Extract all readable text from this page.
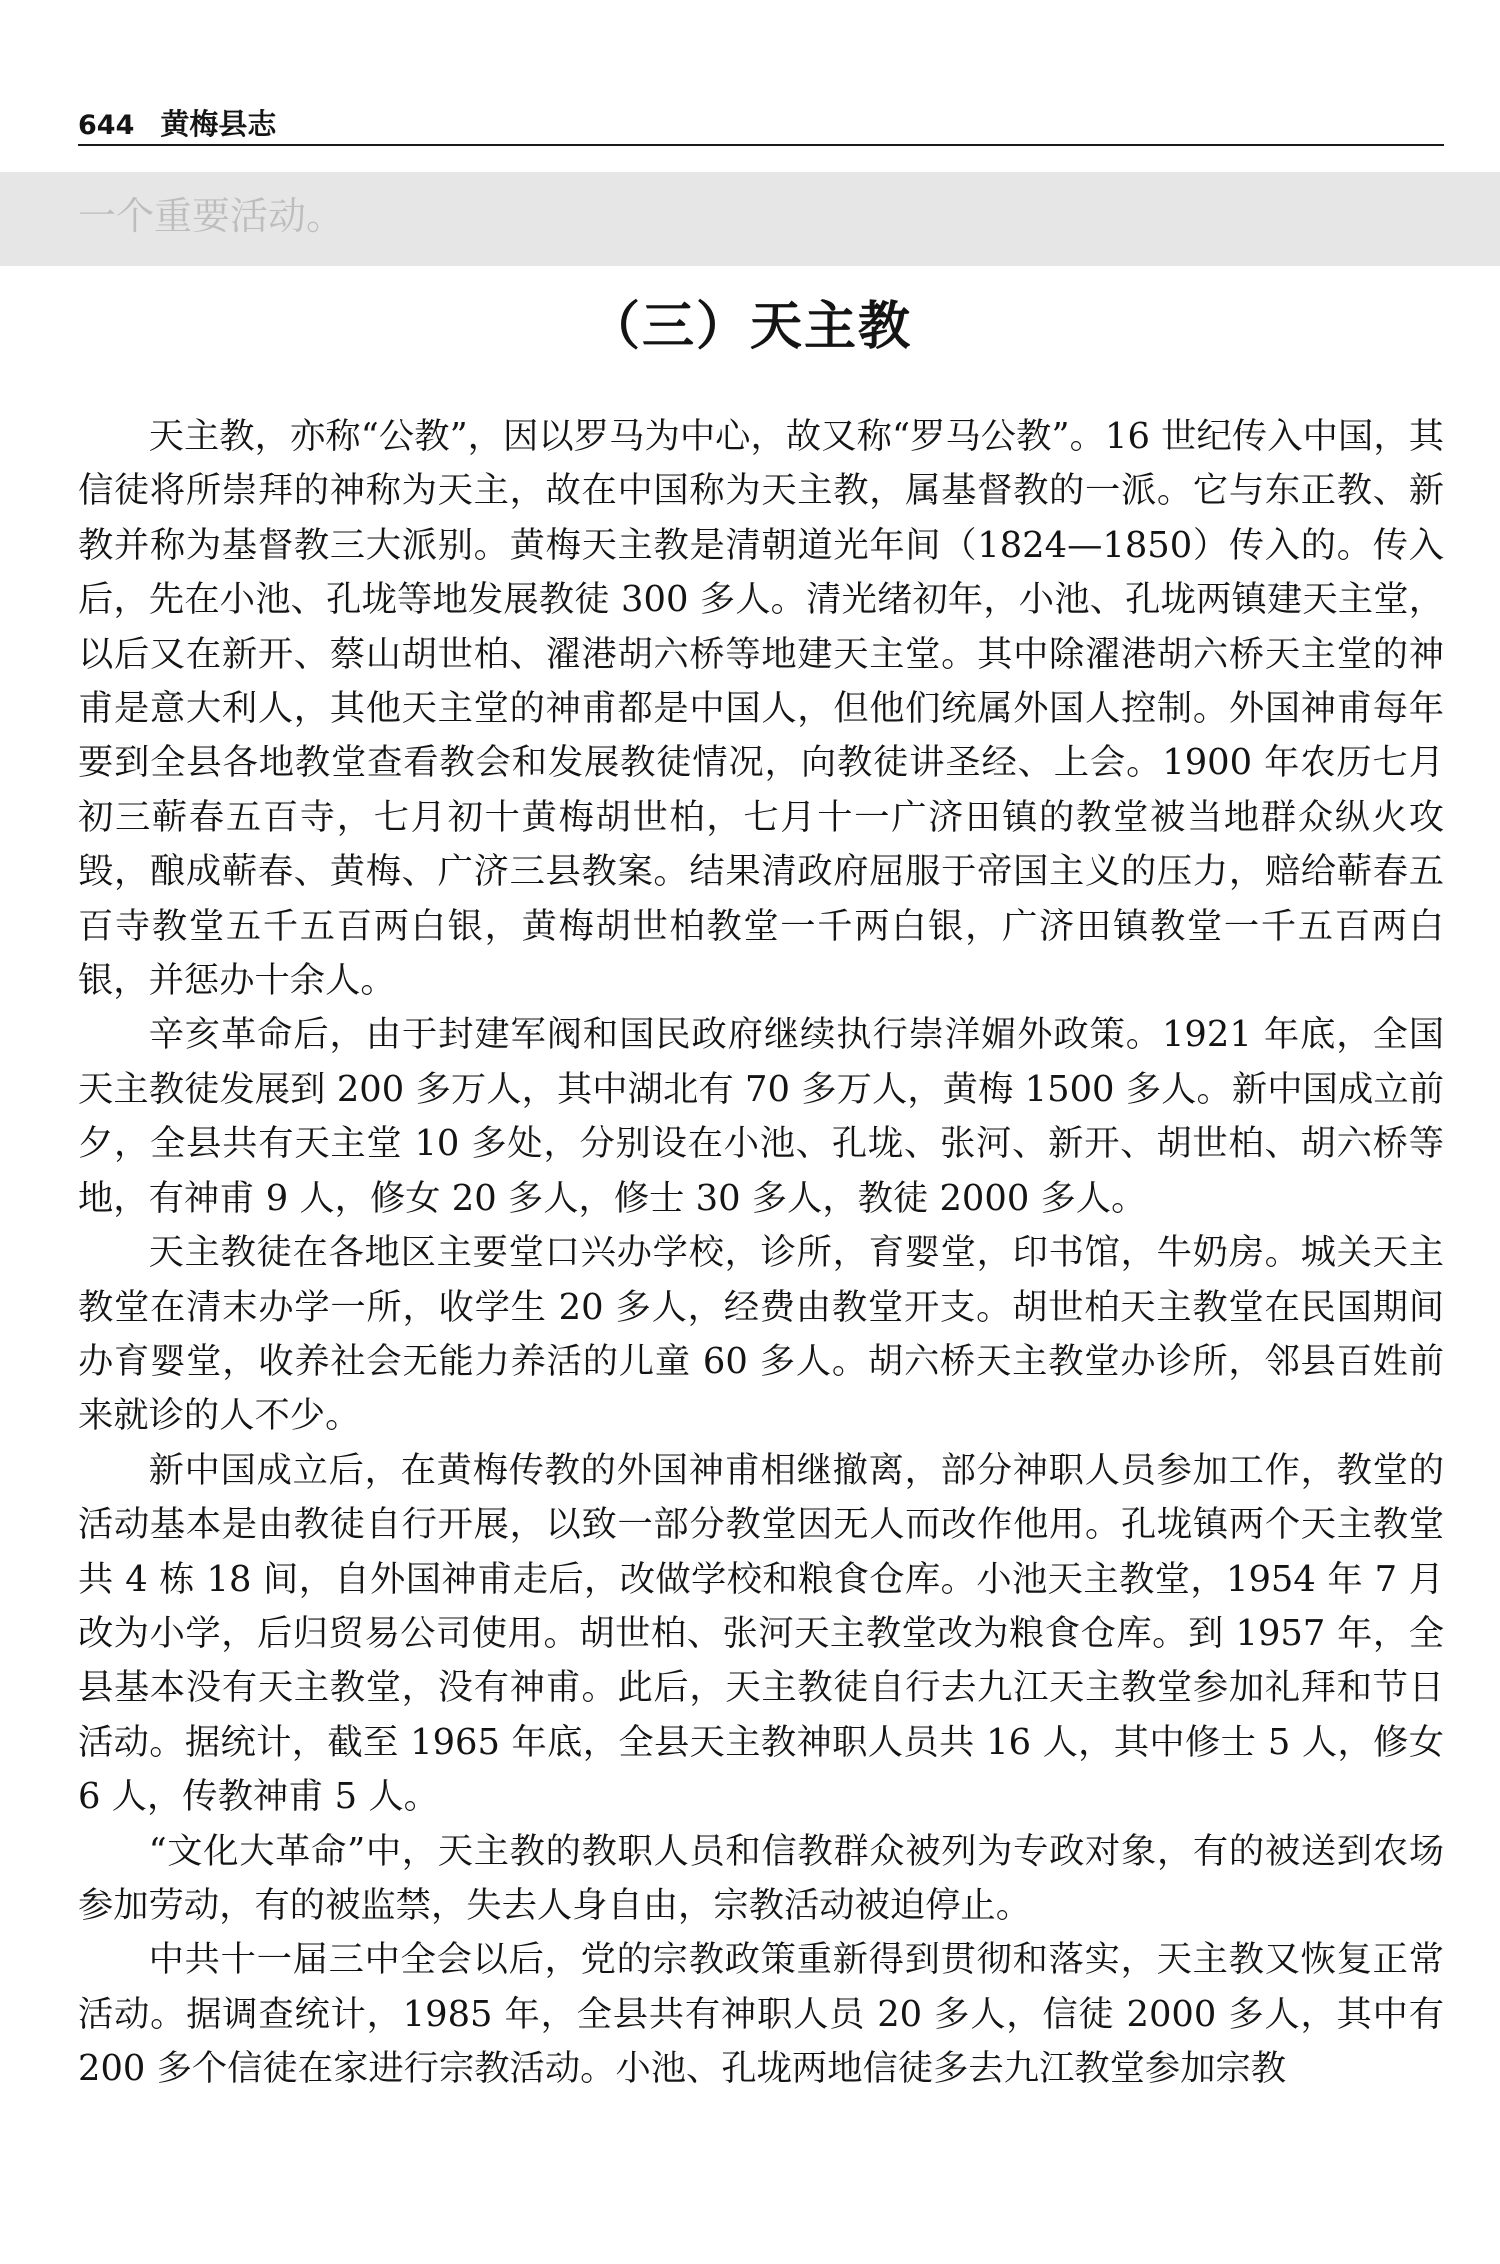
644 黄梅县志
一个重要活动。
（三）天主教

天主教，亦称“公教”，因以罗马为中心，故又称“罗马公教”。16 世纪传入中国，其信徒将所崇拜的神称为天主，故在中国称为天主教，属基督教的一派。它与东正教、新教并称为基督教三大派别。黄梅天主教是清朝道光年间（1824—1850）传入的。传入后，先在小池、孔垅等地发展教徒 300 多人。清光绪初年，小池、孔垅两镇建天主堂，以后又在新开、蔡山胡世柏、濯港胡六桥等地建天主堂。其中除濯港胡六桥天主堂的神甫是意大利人，其他天主堂的神甫都是中国人，但他们统属外国人控制。外国神甫每年要到全县各地教堂查看教会和发展教徒情况，向教徒讲圣经、上会。1900 年农历七月初三蕲春五百寺，七月初十黄梅胡世柏，七月十一广济田镇的教堂被当地群众纵火攻毁，酿成蕲春、黄梅、广济三县教案。结果清政府屈服于帝国主义的压力，赔给蕲春五百寺教堂五千五百两白银，黄梅胡世柏教堂一千两白银，广济田镇教堂一千五百两白银，并惩办十余人。

辛亥革命后，由于封建军阀和国民政府继续执行崇洋媚外政策。1921 年底，全国天主教徒发展到 200 多万人，其中湖北有 70 多万人，黄梅 1500 多人。新中国成立前夕，全县共有天主堂 10 多处，分别设在小池、孔垅、张河、新开、胡世柏、胡六桥等地，有神甫 9 人，修女 20 多人，修士 30 多人，教徒 2000 多人。

天主教徒在各地区主要堂口兴办学校，诊所，育婴堂，印书馆，牛奶房。城关天主教堂在清末办学一所，收学生 20 多人，经费由教堂开支。胡世柏天主教堂在民国期间办育婴堂，收养社会无能力养活的儿童 60 多人。胡六桥天主教堂办诊所，邻县百姓前来就诊的人不少。

新中国成立后，在黄梅传教的外国神甫相继撤离，部分神职人员参加工作，教堂的活动基本是由教徒自行开展，以致一部分教堂因无人而改作他用。孔垅镇两个天主教堂共 4 栋 18 间，自外国神甫走后，改做学校和粮食仓库。小池天主教堂，1954 年 7 月改为小学，后归贸易公司使用。胡世柏、张河天主教堂改为粮食仓库。到 1957 年，全县基本没有天主教堂，没有神甫。此后，天主教徒自行去九江天主教堂参加礼拜和节日活动。据统计，截至 1965 年底，全县天主教神职人员共 16 人，其中修士 5 人，修女 6 人，传教神甫 5 人。

“文化大革命”中，天主教的教职人员和信教群众被列为专政对象，有的被送到农场参加劳动，有的被监禁，失去人身自由，宗教活动被迫停止。

中共十一届三中全会以后，党的宗教政策重新得到贯彻和落实，天主教又恢复正常活动。据调查统计，1985 年，全县共有神职人员 20 多人，信徒 2000 多人，其中有 200 多个信徒在家进行宗教活动。小池、孔垅两地信徒多去九江教堂参加宗教
